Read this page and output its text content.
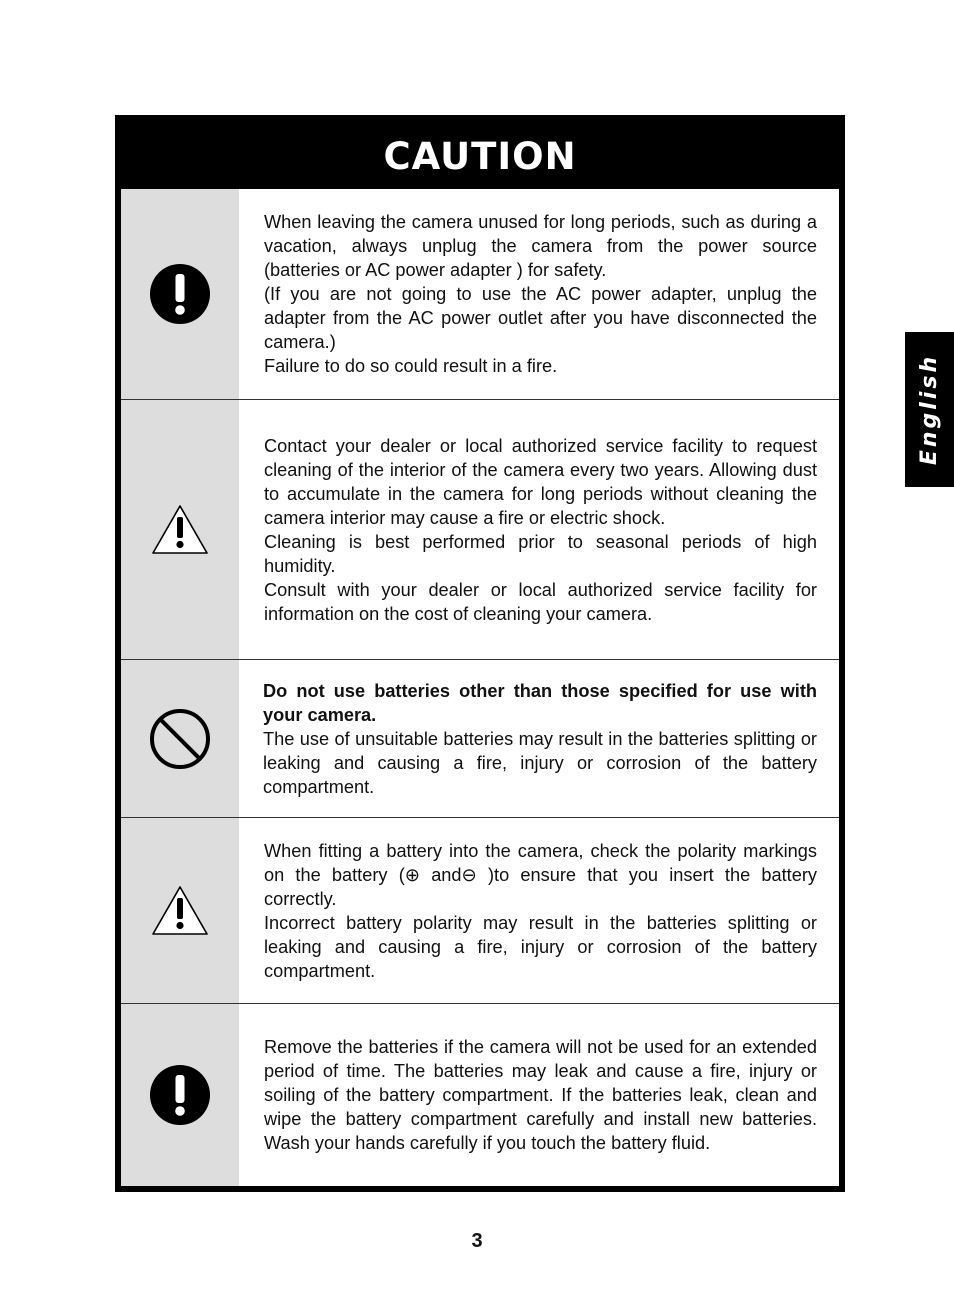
CAUTION

When leaving the camera unused for long periods, such as during a vacation, always unplug the camera from the power source (batteries or AC power adapter ) for safety.

(If you are not going to use the AC power adapter, unplug the adapter from the AC power outlet after you have disconnected the camera.)

Failure to do so could result in a fire.

Contact your dealer or local authorized service facility to request cleaning of the interior of the camera every two years. Allowing dust to accumulate in the camera for long periods without cleaning the camera interior may cause a fire or electric shock.

Cleaning is best performed prior to seasonal periods of high humidity.

Consult with your dealer or local authorized service facility for information on the cost of cleaning your camera.

Do not use batteries other than those specified for use with your camera.

The use of unsuitable batteries may result in the batteries splitting or leaking and causing a fire, injury or corrosion of the battery compartment.

When fitting a battery into the camera, check the polarity markings on the battery (⊕ and⊖ )to ensure that you insert the battery correctly.

Incorrect battery polarity may result in the batteries splitting or leaking and causing a fire, injury or corrosion of the battery compartment.

Remove the batteries if the camera will not be used for an extended period of time. The batteries may leak and cause a fire, injury or soiling of the battery compartment. If the batteries leak, clean and wipe the battery compartment carefully and install new batteries. Wash your hands carefully if you touch the battery fluid.

English
3
